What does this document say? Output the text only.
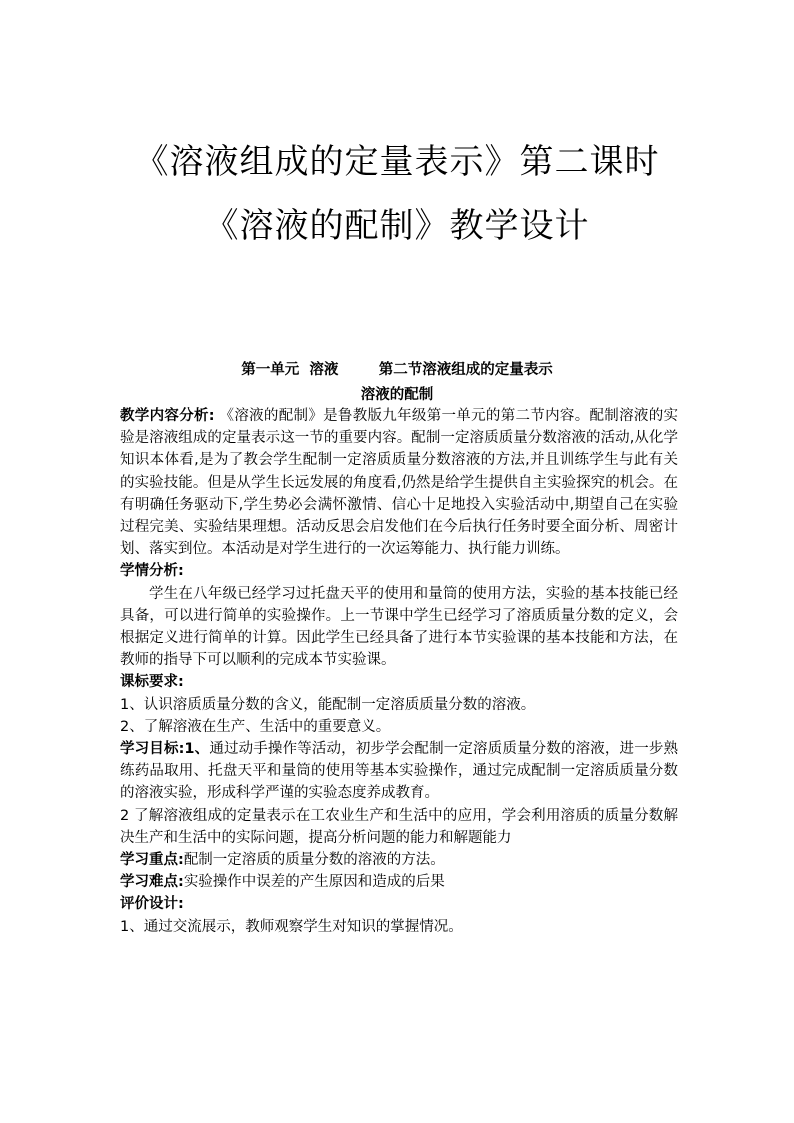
《溶液组成的定量表示》第二课时
《溶液的配制》教学设计
第一单元  溶液        第二节溶液组成的定量表示
溶液的配制

教学内容分析: 《溶液的配制》是鲁教版九年级第一单元的第二节内容。配制溶液的实验是溶液组成的定量表示这一节的重要内容。配制一定溶质质量分数溶液的活动,从化学知识本体看,是为了教会学生配制一定溶质质量分数溶液的方法,并且训练学生与此有关的实验技能。但是从学生长远发展的角度看,仍然是给学生提供自主实验探究的机会。在有明确任务驱动下,学生势必会满怀激情、信心十足地投入实验活动中,期望自己在实验过程完美、实验结果理想。活动反思会启发他们在今后执行任务时要全面分析、周密计划、落实到位。本活动是对学生进行的一次运筹能力、执行能力训练。

学情分析:

学生在八年级已经学习过托盘天平的使用和量筒的使用方法，实验的基本技能已经具备，可以进行简单的实验操作。上一节课中学生已经学习了溶质质量分数的定义，会根据定义进行简单的计算。因此学生已经具备了进行本节实验课的基本技能和方法，在教师的指导下可以顺利的完成本节实验课。

课标要求:

1、认识溶质质量分数的含义，能配制一定溶质质量分数的溶液。

2、了解溶液在生产、生活中的重要意义。

学习目标:1、通过动手操作等活动，初步学会配制一定溶质质量分数的溶液，进一步熟练药品取用、托盘天平和量筒的使用等基本实验操作，通过完成配制一定溶质质量分数的溶液实验，形成科学严谨的实验态度养成教育。

2 了解溶液组成的定量表示在工农业生产和生活中的应用，学会利用溶质的质量分数解决生产和生活中的实际问题，提高分析问题的能力和解题能力

学习重点:配制一定溶质的质量分数的溶液的方法。

学习难点:实验操作中误差的产生原因和造成的后果

评价设计:

1、通过交流展示，教师观察学生对知识的掌握情况。
